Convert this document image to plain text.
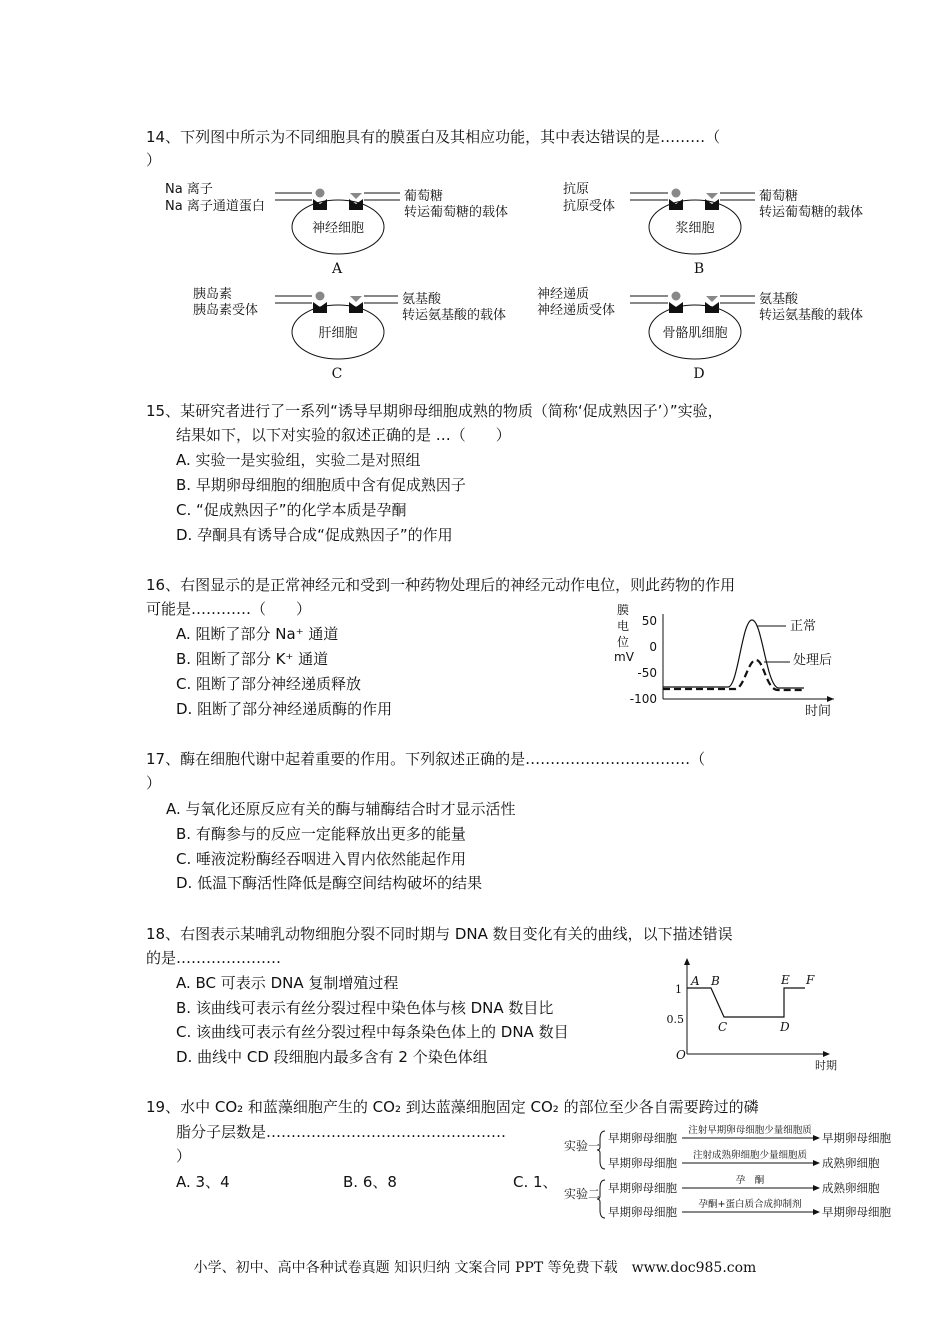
14、下列图中所示为不同细胞具有的膜蛋白及其相应功能，其中表达错误的是………（
）
Na 离子
Na 离子通道蛋白
葡萄糖
转运葡萄糖的载体
神经细胞
A
抗原
抗原受体
葡萄糖
转运葡萄糖的载体
浆细胞
B
胰岛素
胰岛素受体
氨基酸
转运氨基酸的载体
肝细胞
C
神经递质
神经递质受体
氨基酸
转运氨基酸的载体
骨骼肌细胞
D
膜
电
位
mV
50
0
-50
-100
正常
处理后
时间
1
0.5
O
A B
C	D
E F
时期
实验一
实验二
早期卵母细胞
注射早期卵母细胞少量细胞质
早期卵母细胞
早期卵母细胞
注射成熟卵细胞少量细胞质
成熟卵细胞
早期卵母细胞
孕　酮
成熟卵细胞
早期卵母细胞
孕酮+蛋白质合成抑制剂
早期卵母细胞
15、某研究者进行了一系列“诱导早期卵母细胞成熟的物质（简称‘促成熟因子’）”实验，
结果如下，以下对实验的叙述正确的是 …（　　）
A. 实验一是实验组，实验二是对照组
B. 早期卵母细胞的细胞质中含有促成熟因子
C. “促成熟因子”的化学本质是孕酮
D. 孕酮具有诱导合成“促成熟因子”的作用
16、右图显示的是正常神经元和受到一种药物处理后的神经元动作电位，则此药物的作用
可能是…………（　　）
A. 阻断了部分 Na⁺ 通道
B. 阻断了部分 K⁺ 通道
C. 阻断了部分神经递质释放
D. 阻断了部分神经递质酶的作用
17、酶在细胞代谢中起着重要的作用。下列叙述正确的是……………………………（
）
A. 与氧化还原反应有关的酶与辅酶结合时才显示活性
B. 有酶参与的反应一定能释放出更多的能量
C. 唾液淀粉酶经吞咽进入胃内依然能起作用
D. 低温下酶活性降低是酶空间结构破坏的结果
18、右图表示某哺乳动物细胞分裂不同时期与 DNA 数目变化有关的曲线，以下描述错误
的是…………………
A. BC 可表示 DNA 复制增殖过程
B. 该曲线可表示有丝分裂过程中染色体与核 DNA 数目比
C. 该曲线可表示有丝分裂过程中每条染色体上的 DNA 数目
D. 曲线中 CD 段细胞内最多含有 2 个染色体组
19、水中 CO₂ 和蓝藻细胞产生的 CO₂ 到达蓝藻细胞固定 CO₂ 的部位至少各自需要跨过的磷
脂分子层数是…………………………………………
）
A. 3、4	B. 6、8	C. 1、
小学、初中、高中各种试卷真题 知识归纳 文案合同 PPT 等免费下载　www.doc985.com
